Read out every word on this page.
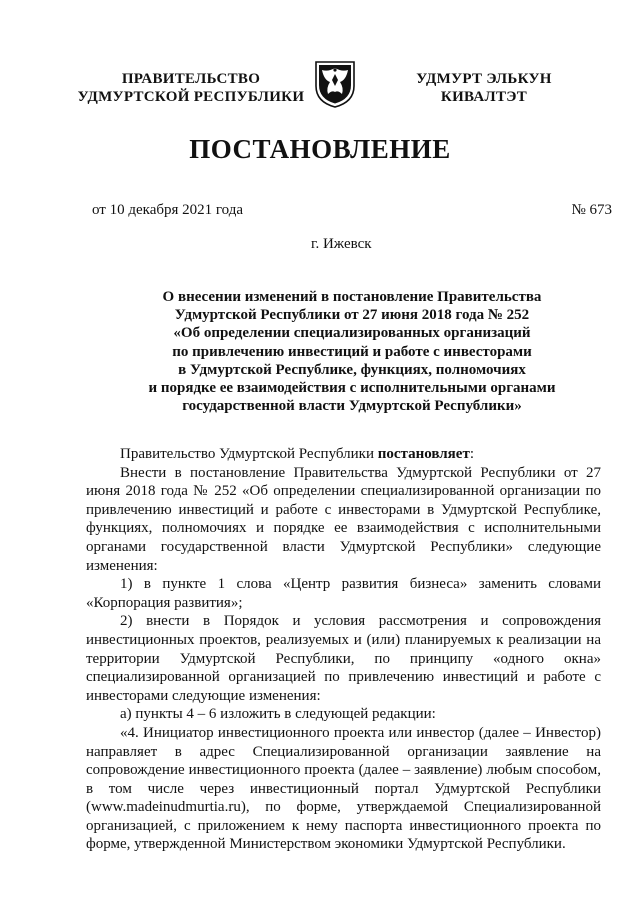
ПРАВИТЕЛЬСТВО
УДМУРТСКОЙ РЕСПУБЛИКИ
УДМУРТ ЭЛЬКУН
КИВАЛТЭТ
ПОСТАНОВЛЕНИЕ
от 10 декабря 2021 года	№ 673
г. Ижевск
О внесении изменений в постановление Правительства
Удмуртской Республики от 27 июня 2018 года № 252
«Об определении специализированных организаций
по привлечению инвестиций и работе с инвесторами
в Удмуртской Республике, функциях, полномочиях
и порядке ее взаимодействия с исполнительными органами
государственной власти Удмуртской Республики»

Правительство Удмуртской Республики постановляет:

Внести в постановление Правительства Удмуртской Республики от 27 июня 2018 года № 252 «Об определении специализированной организации по привлечению инвестиций и работе с инвесторами в Удмуртской Республике, функциях, полномочиях и порядке ее взаимодействия с исполнительными органами государственной власти Удмуртской Республики» следующие изменения:

1) в пункте 1 слова «Центр развития бизнеса» заменить словами «Корпорация развития»;

2) внести в Порядок и условия рассмотрения и сопровождения инвестиционных проектов, реализуемых и (или) планируемых к реализации на территории Удмуртской Республики, по принципу «одного окна» специализированной организацией по привлечению инвестиций и работе с инвесторами следующие изменения:

а) пункты 4 – 6 изложить в следующей редакции:

«4. Инициатор инвестиционного проекта или инвестор (далее – Инвестор) направляет в адрес Специализированной организации заявление на сопровождение инвестиционного проекта (далее – заявление) любым способом, в том числе через инвестиционный портал Удмуртской Республики (www.madeinudmurtia.ru), по форме, утверждаемой Специализированной организацией, с приложением к нему паспорта инвестиционного проекта по форме, утвержденной Министерством экономики Удмуртской Республики.
